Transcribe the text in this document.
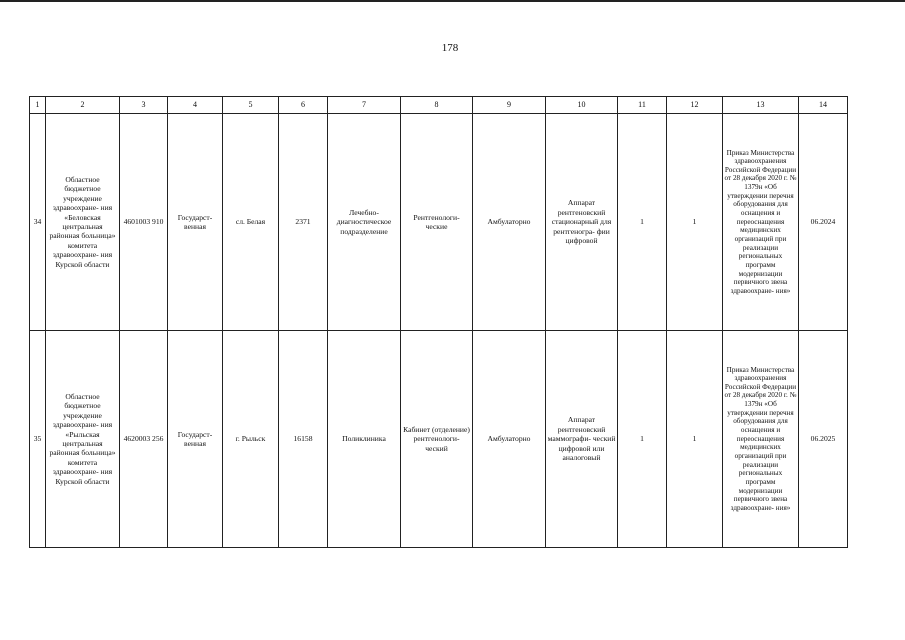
178
1	2	3	4	5	6	7	8	9	10	11	12	13	14
34	Областное бюджетное учреждение здравоохране- ния «Беловская центральная районная больница» комитета здравоохране- ния Курской области	4601003 910	Государст- венная	сл. Белая	2371	Лечебно- диагностическое подразделение	Рентгенологи- ческие	Амбулаторно	Аппарат рентгеновский стационарный для рентгеногра- фии цифровой	1	1	Приказ Министерства здравоохранения Российской Федерации от 28 декабря 2020 г. № 1379н «Об утверждении перечня оборудования для оснащения и переоснащения медицинских организаций при реализации региональных программ модернизации первичного звена здравоохране- ния»	06.2024
35	Областное бюджетное учреждение здравоохране- ния «Рыльская центральная районная больница» комитета здравоохране- ния Курской области	4620003 256	Государст- венная	г. Рыльск	16158	Поликлиника	Кабинет (отделение) рентгенологи- ческий	Амбулаторно	Аппарат рентгеновский маммографи- ческий цифровой или аналоговый	1	1	Приказ Министерства здравоохранения Российской Федерации от 28 декабря 2020 г. № 1379н «Об утверждении перечня оборудования для оснащения и переоснащения медицинских организаций при реализации региональных программ модернизации первичного звена здравоохране- ния»	06.2025
